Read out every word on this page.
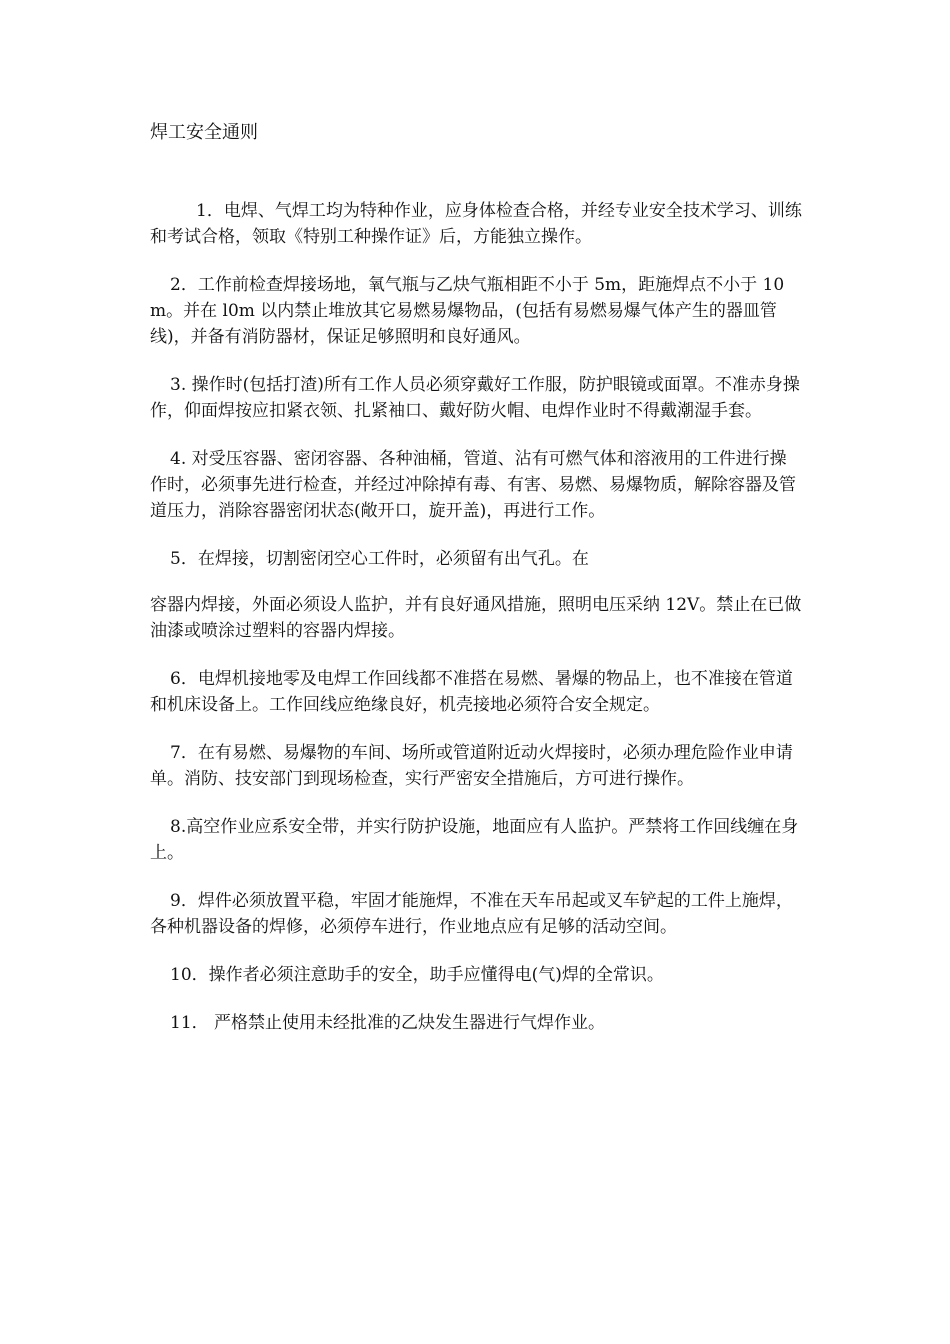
焊工安全通则

1．电焊、气焊工均为特种作业，应身体检查合格，并经专业安全技术学习、训练和考试合格，领取《特别工种操作证》后，方能独立操作。

2．工作前检查焊接场地，氧气瓶与乙炔气瓶相距不小于 5m，距施焊点不小于 10m。并在 l0m 以内禁止堆放其它易燃易爆物品，(包括有易燃易爆气体产生的器皿管线)，并备有消防器材，保证足够照明和良好通风。

3. 操作时(包括打渣)所有工作人员必须穿戴好工作服，防护眼镜或面罩。不准赤身操作，仰面焊按应扣紧衣领、扎紧袖口、戴好防火帽、电焊作业时不得戴潮湿手套。

4. 对受压容器、密闭容器、各种油桶，管道、沾有可燃气体和溶液用的工件进行操作时，必须事先进行检查，并经过冲除掉有毒、有害、易燃、易爆物质，解除容器及管道压力，消除容器密闭状态(敞开口，旋开盖)，再进行工作。

5．在焊接，切割密闭空心工件时，必须留有出气孔。在

容器内焊接，外面必须设人监护，并有良好通风措施，照明电压采纳 12V。禁止在已做油漆或喷涂过塑料的容器内焊接。

6．电焊机接地零及电焊工作回线都不准搭在易燃、暑爆的物品上，也不准接在管道和机床设备上。工作回线应绝缘良好，机壳接地必须符合安全规定。

7．在有易燃、易爆物的车间、场所或管道附近动火焊接时，必须办理危险作业申请单。消防、技安部门到现场检查，实行严密安全措施后，方可进行操作。

8.高空作业应系安全带，并实行防护设施，地面应有人监护。严禁将工作回线缠在身上。

9．焊件必须放置平稳，牢固才能施焊，不准在天车吊起或叉车铲起的工件上施焊，各种机器设备的焊修，必须停车进行，作业地点应有足够的活动空间。

10．操作者必须注意助手的安全，助手应懂得电(气)焊的全常识。

11． 严格禁止使用未经批准的乙炔发生器进行气焊作业。
